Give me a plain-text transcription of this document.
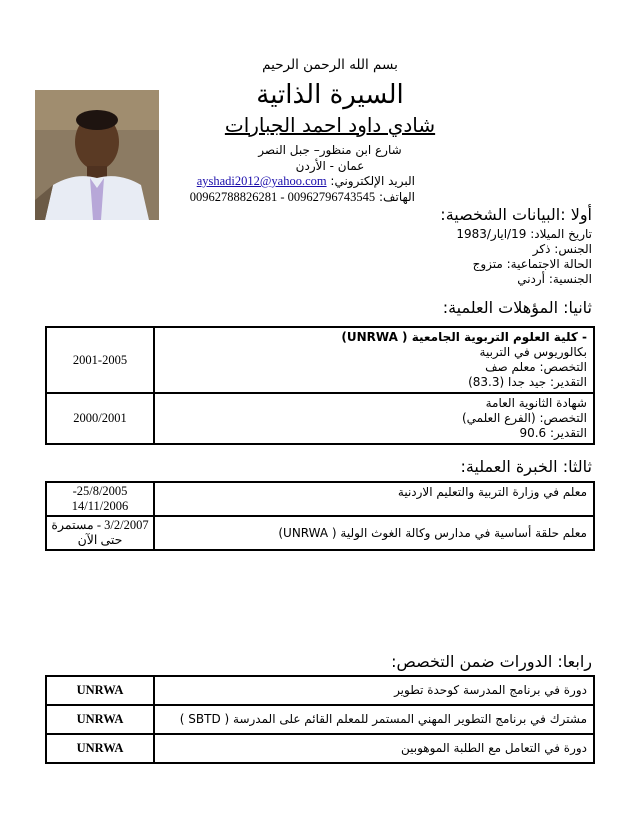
بسم الله الرحمن الرحيم
السيرة الذاتية
شادي داود احمد الجبارات
شارع ابن منظور– جبل النصر
عمان - الأردن
البريد الإلكتروني: ayshadi2012@yahoo.com
الهاتف: 00962788826281 - 00962796743545
أولا :البيانات الشخصية:
تاريخ الميلاد: 19/ايار/1983
الجنس: ذكر
الحالة الاجتماعية: متزوج
الجنسية: أردني
ثانيا: المؤهلات العلمية:
2001-2005	- كلية العلوم التربوية الجامعية ( UNRWA)
بكالوريوس في التربية
التخصص: معلم صف
التقدير: جيد جدا (83.3)

2000/2001	شهادة الثانوية العامة
التخصص: (الفرع العلمي)
التقدير: 90.6
ثالثا: الخبرة العملية:
-25/8/2005
14/11/2006	معلم في وزارة التربية والتعليم الاردنية

3/2/2007 - مستمرة
حتى الآن	معلم حلقة أساسية في مدارس وكالة الغوث الولية ( UNRWA)
رابعا: الدورات ضمن التخصص:
UNRWA	دورة في برنامج المدرسة كوحدة تطوير
UNRWA	مشترك في برنامج التطوير المهني المستمر للمعلم القائم على المدرسة ( SBTD )
UNRWA	دورة في التعامل مع الطلبة الموهوبين
